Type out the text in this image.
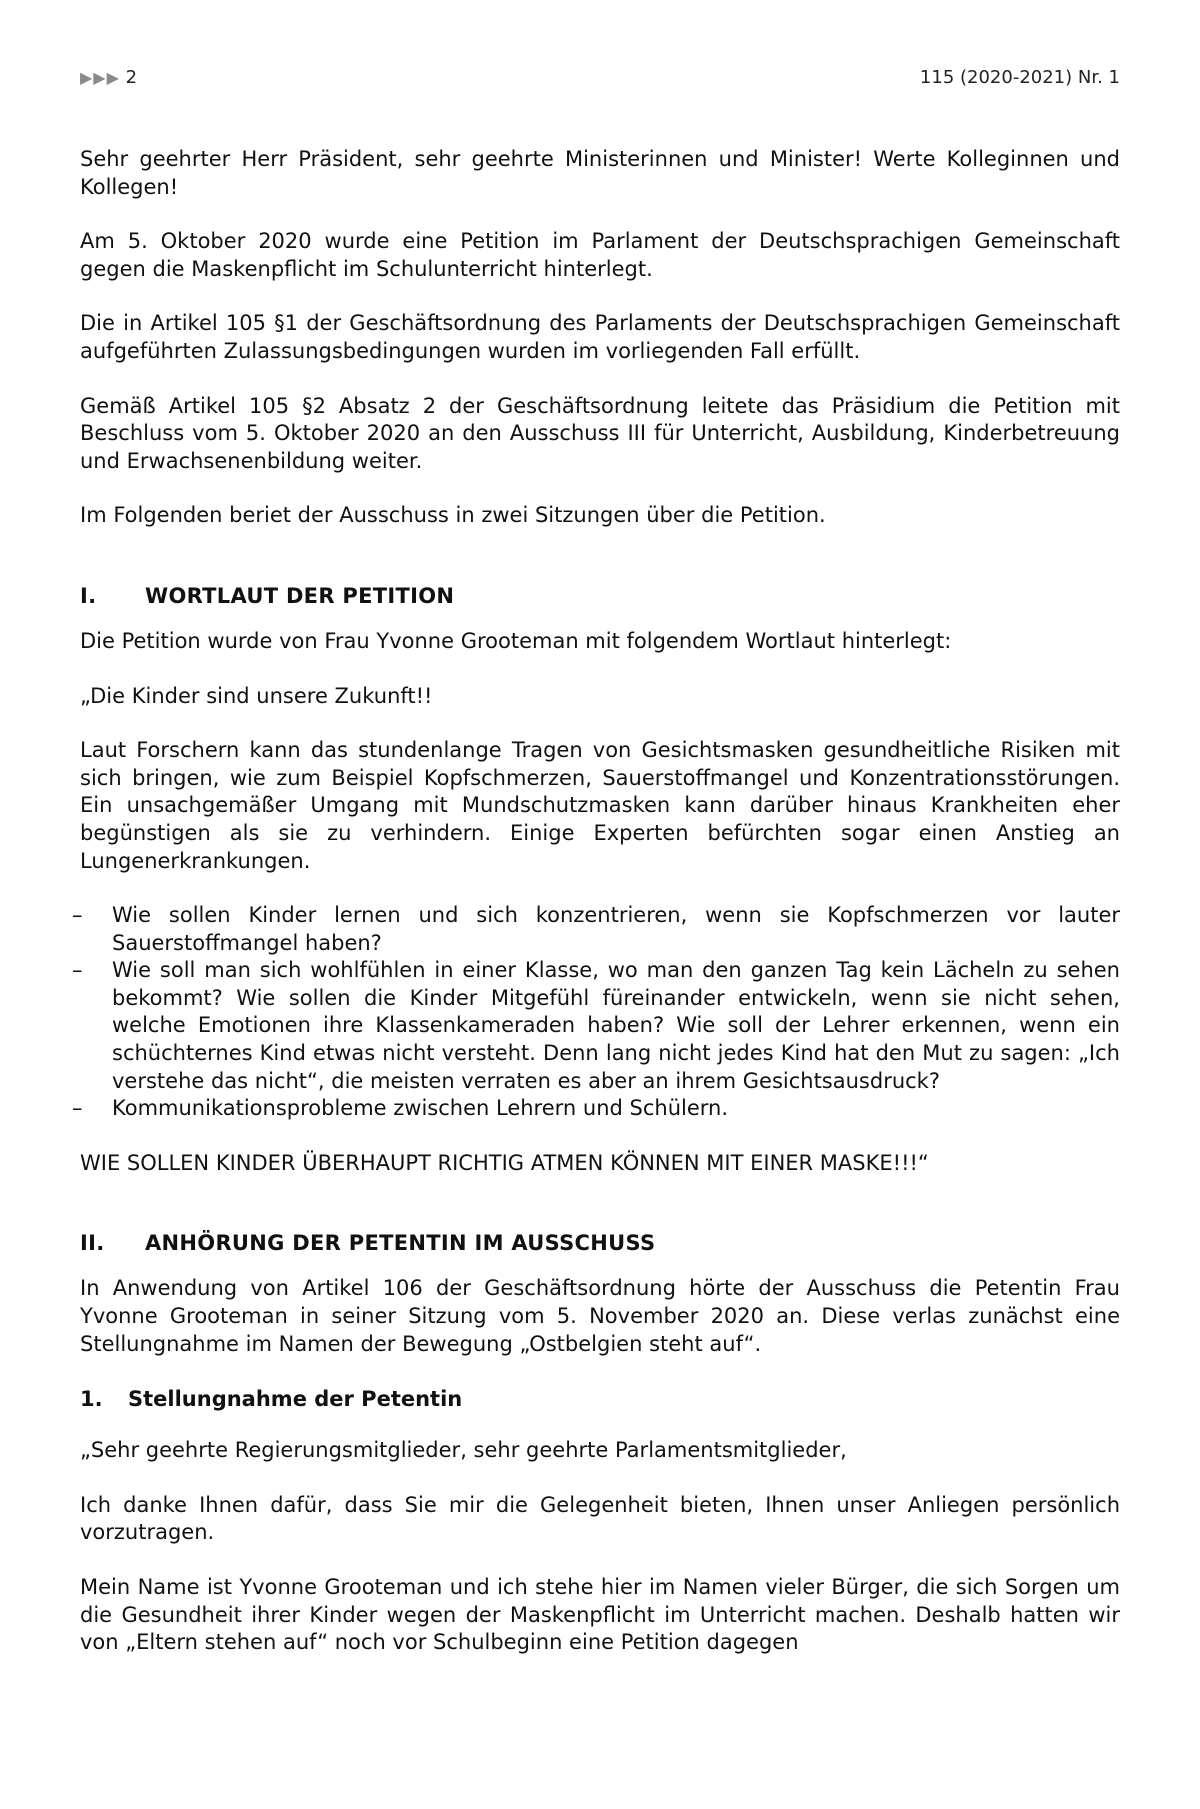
▶▶▶ 2	115 (2020-2021) Nr. 1

Sehr geehrter Herr Präsident, sehr geehrte Ministerinnen und Minister! Werte Kolleginnen und Kollegen!

Am 5. Oktober 2020 wurde eine Petition im Parlament der Deutschsprachigen Gemeinschaft gegen die Maskenpflicht im Schulunterricht hinterlegt.

Die in Artikel 105 §1 der Geschäftsordnung des Parlaments der Deutschsprachigen Gemeinschaft aufgeführten Zulassungsbedingungen wurden im vorliegenden Fall erfüllt.

Gemäß Artikel 105 §2 Absatz 2 der Geschäftsordnung leitete das Präsidium die Petition mit Beschluss vom 5. Oktober 2020 an den Ausschuss III für Unterricht, Ausbildung, Kinderbetreuung und Erwachsenenbildung weiter.

Im Folgenden beriet der Ausschuss in zwei Sitzungen über die Petition.

I. WORTLAUT DER PETITION

Die Petition wurde von Frau Yvonne Grooteman mit folgendem Wortlaut hinterlegt:

„Die Kinder sind unsere Zukunft!!

Laut Forschern kann das stundenlange Tragen von Gesichtsmasken gesundheitliche Risiken mit sich bringen, wie zum Beispiel Kopfschmerzen, Sauerstoffmangel und Konzentrationsstörungen. Ein unsachgemäßer Umgang mit Mundschutzmasken kann darüber hinaus Krankheiten eher begünstigen als sie zu verhindern. Einige Experten befürchten sogar einen Anstieg an Lungenerkrankungen.

– Wie sollen Kinder lernen und sich konzentrieren, wenn sie Kopfschmerzen vor lauter Sauerstoffmangel haben?
– Wie soll man sich wohlfühlen in einer Klasse, wo man den ganzen Tag kein Lächeln zu sehen bekommt? Wie sollen die Kinder Mitgefühl füreinander entwickeln, wenn sie nicht sehen, welche Emotionen ihre Klassenkameraden haben? Wie soll der Lehrer erkennen, wenn ein schüchternes Kind etwas nicht versteht. Denn lang nicht jedes Kind hat den Mut zu sagen: „Ich verstehe das nicht“, die meisten verraten es aber an ihrem Gesichtsausdruck?
– Kommunikationsprobleme zwischen Lehrern und Schülern.

WIE SOLLEN KINDER ÜBERHAUPT RICHTIG ATMEN KÖNNEN MIT EINER MASKE!!!“

II. ANHÖRUNG DER PETENTIN IM AUSSCHUSS

In Anwendung von Artikel 106 der Geschäftsordnung hörte der Ausschuss die Petentin Frau Yvonne Grooteman in seiner Sitzung vom 5. November 2020 an. Diese verlas zunächst eine Stellungnahme im Namen der Bewegung „Ostbelgien steht auf“.

1. Stellungnahme der Petentin

„Sehr geehrte Regierungsmitglieder, sehr geehrte Parlamentsmitglieder,

Ich danke Ihnen dafür, dass Sie mir die Gelegenheit bieten, Ihnen unser Anliegen persönlich vorzutragen.

Mein Name ist Yvonne Grooteman und ich stehe hier im Namen vieler Bürger, die sich Sorgen um die Gesundheit ihrer Kinder wegen der Maskenpflicht im Unterricht machen. Deshalb hatten wir von „Eltern stehen auf“ noch vor Schulbeginn eine Petition dagegen
